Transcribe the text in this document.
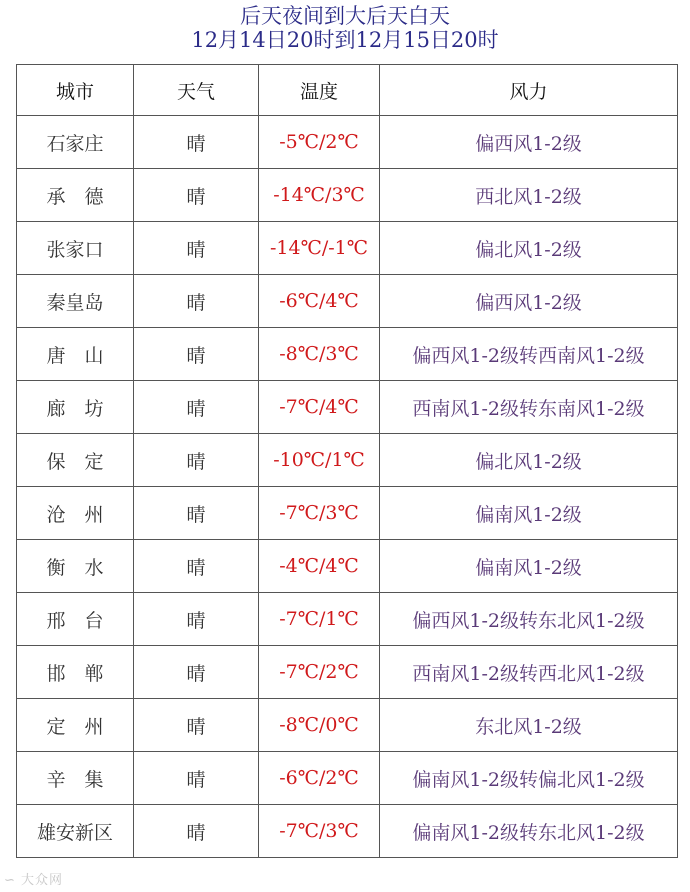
后天夜间到大后天白天
12月14日20时到12月15日20时
城市	天气	温度	风力
石家庄	晴	-5℃/2℃	偏西风1-2级
承　德	晴	-14℃/3℃	西北风1-2级
张家口	晴	-14℃/-1℃	偏北风1-2级
秦皇岛	晴	-6℃/4℃	偏西风1-2级
唐　山	晴	-8℃/3℃	偏西风1-2级转西南风1-2级
廊　坊	晴	-7℃/4℃	西南风1-2级转东南风1-2级
保　定	晴	-10℃/1℃	偏北风1-2级
沧　州	晴	-7℃/3℃	偏南风1-2级
衡　水	晴	-4℃/4℃	偏南风1-2级
邢　台	晴	-7℃/1℃	偏西风1-2级转东北风1-2级
邯　郸	晴	-7℃/2℃	西南风1-2级转西北风1-2级
定　州	晴	-8℃/0℃	东北风1-2级
辛　集	晴	-6℃/2℃	偏南风1-2级转偏北风1-2级
雄安新区	晴	-7℃/3℃	偏南风1-2级转东北风1-2级
∽ 大众网
